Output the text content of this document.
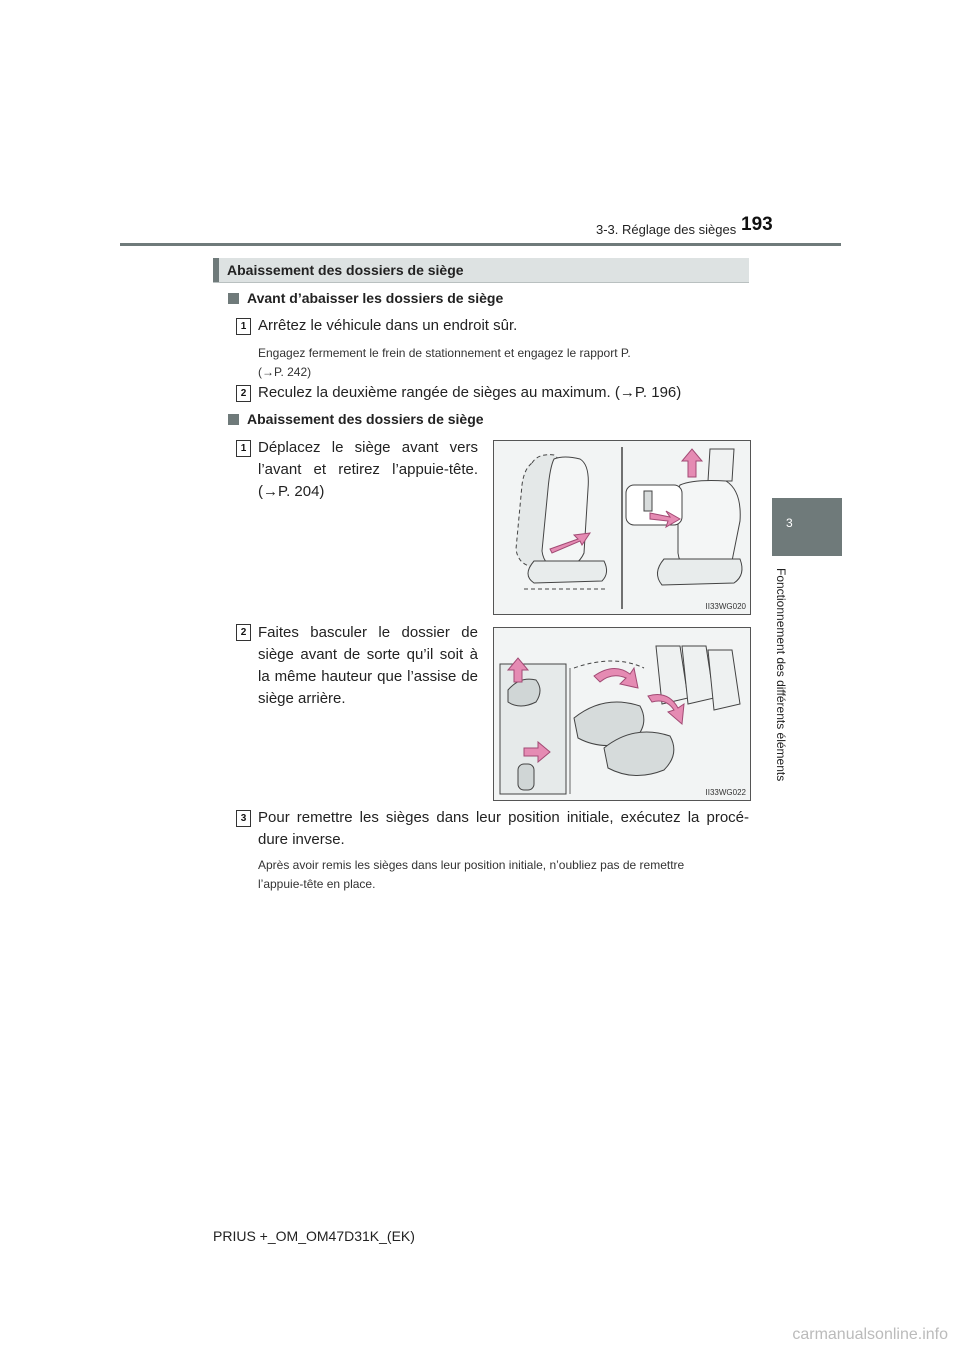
3-3. Réglage des sièges 193
3
Fonctionnement des différents éléments
Abaissement des dossiers de siège
Avant d’abaisser les dossiers de siège
1 Arrêtez le véhicule dans un endroit sûr.
Engagez fermement le frein de stationnement et engagez le rapport P.
(→P. 242)
2 Reculez la deuxième rangée de sièges au maximum. (→P. 196)
Abaissement des dossiers de siège
1 Déplacez le siège avant vers
l’avant et retirez l’appuie-tête.
(→P. 204)
II33WG020
2 Faites basculer le dossier de
siège avant de sorte qu’il soit à
la même hauteur que l’assise de
siège arrière.
II33WG022
3 Pour remettre les sièges dans leur position initiale, exécutez la procé-
dure inverse.
Après avoir remis les sièges dans leur position initiale, n’oubliez pas de remettre
l’appuie-tête en place.
PRIUS +_OM_OM47D31K_(EK)
carmanualsonline.info
